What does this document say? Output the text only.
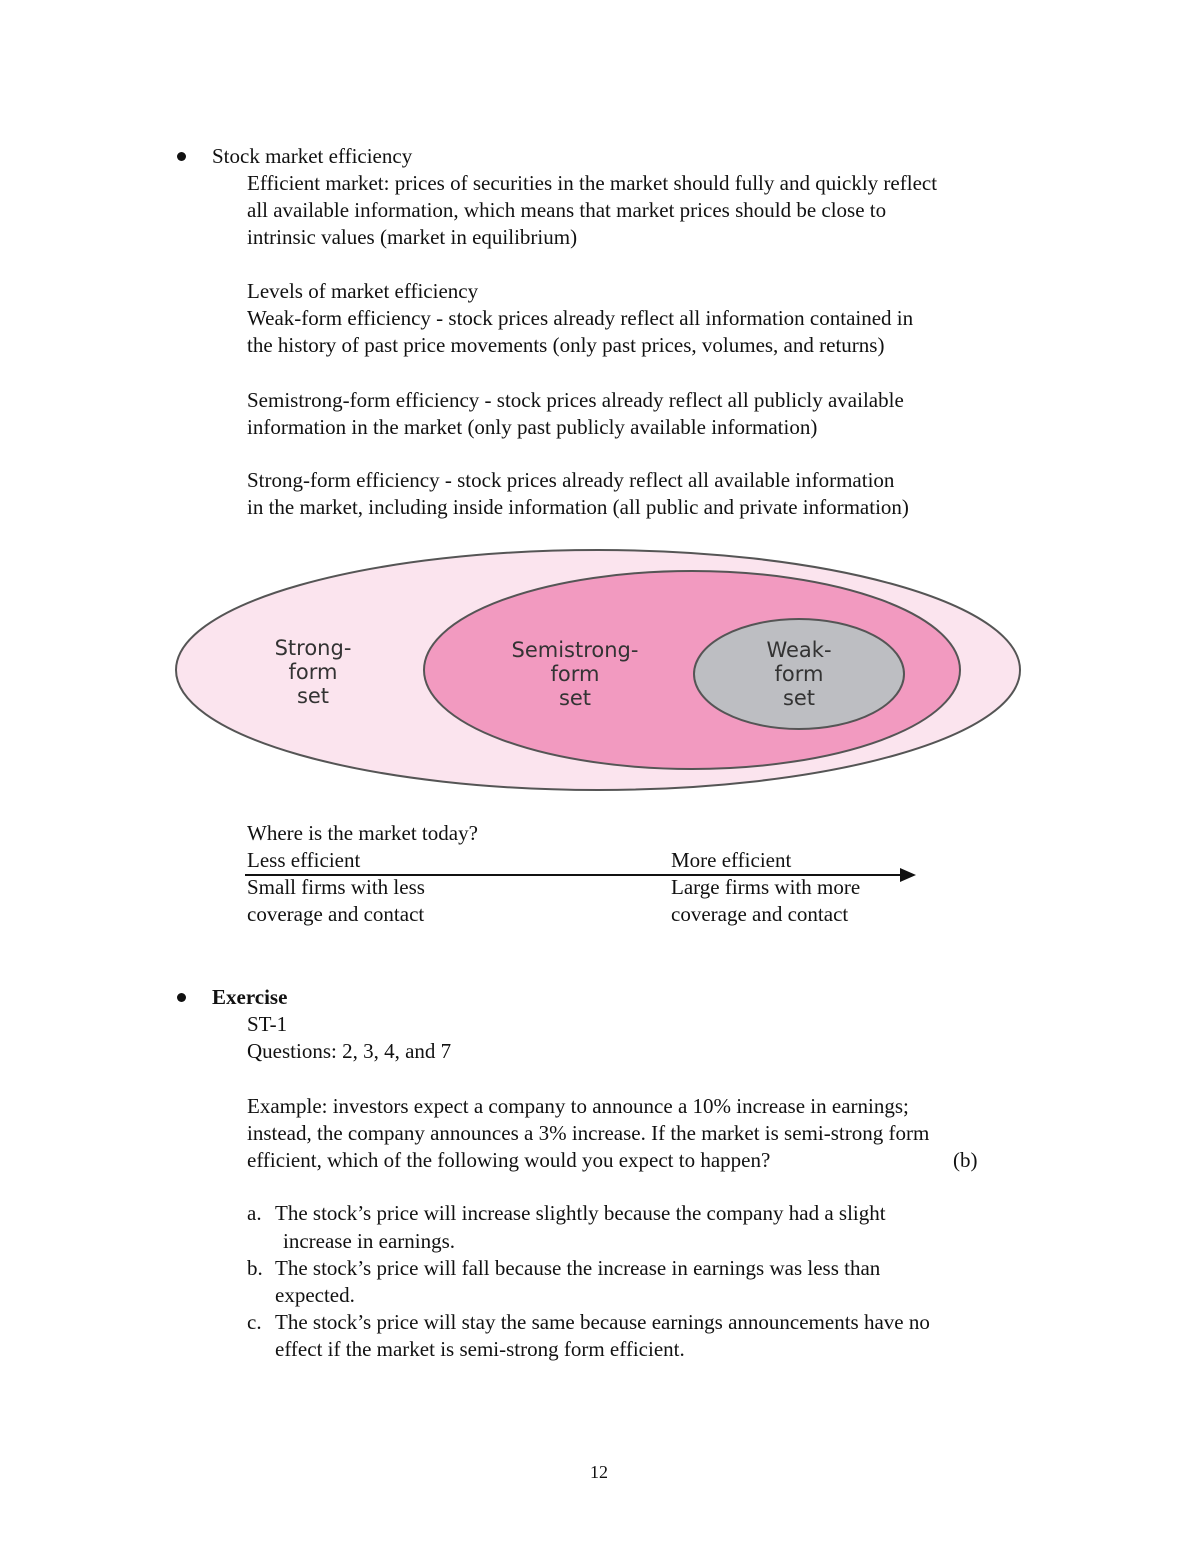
Stock market efficiency
Efficient market: prices of securities in the market should fully and quickly reflect
all available information, which means that market prices should be close to
intrinsic values (market in equilibrium)
Levels of market efficiency
Weak-form efficiency - stock prices already reflect all information contained in
the history of past price movements (only past prices, volumes, and returns)
Semistrong-form efficiency - stock prices already reflect all publicly available
information in the market (only past publicly available information)
Strong-form efficiency - stock prices already reflect all available information
in the market, including inside information (all public and private information)
Strong-
form
set
Semistrong-
form
set
Weak-
form
set
Where is the market today?
Less efficient	More efficient
Small firms with less
coverage and contact
Large firms with more
coverage and contact
Exercise
ST-1
Questions: 2, 3, 4, and 7
Example: investors expect a company to announce a 10% increase in earnings;
instead, the company announces a 3% increase. If the market is semi-strong form
efficient, which of the following would you expect to happen?	(b)
a. The stock’s price will increase slightly because the company had a slight
increase in earnings.
b. The stock’s price will fall because the increase in earnings was less than
expected.
c. The stock’s price will stay the same because earnings announcements have no
effect if the market is semi-strong form efficient.
12
